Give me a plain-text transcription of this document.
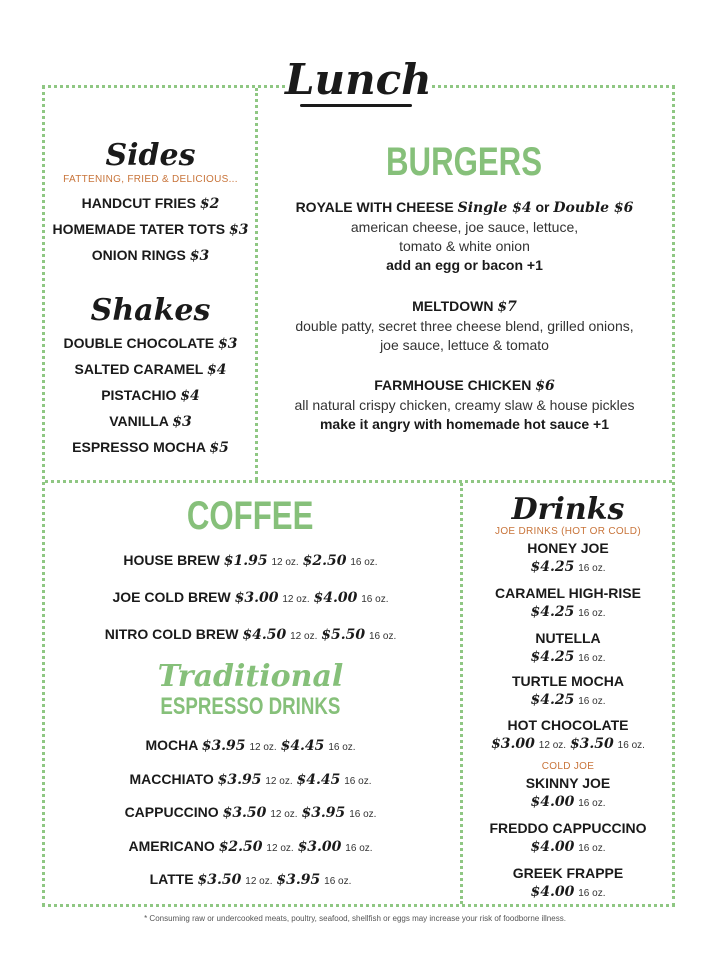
Lunch
Sides
FATTENING, FRIED & DELICIOUS...
HANDCUT FRIES $2
HOMEMADE TATER TOTS $3
ONION RINGS $3
Shakes
DOUBLE CHOCOLATE $3
SALTED CARAMEL $4
PISTACHIO $4
VANILLA $3
ESPRESSO MOCHA $5
BURGERS
ROYALE WITH CHEESE Single $4 or Double $6
american cheese, joe sauce, lettuce,
tomato & white onion
add an egg or bacon +1
MELTDOWN $7
double patty, secret three cheese blend, grilled onions,
joe sauce, lettuce & tomato
FARMHOUSE CHICKEN $6
all natural crispy chicken, creamy slaw & house pickles
make it angry with homemade hot sauce +1
COFFEE
HOUSE BREW $1.95 12 oz. $2.50 16 oz.
JOE COLD BREW $3.00 12 oz. $4.00 16 oz.
NITRO COLD BREW $4.50 12 oz. $5.50 16 oz.
Traditional
ESPRESSO DRINKS
MOCHA $3.95 12 oz. $4.45 16 oz.
MACCHIATO $3.95 12 oz. $4.45 16 oz.
CAPPUCCINO $3.50 12 oz. $3.95 16 oz.
AMERICANO $2.50 12 oz. $3.00 16 oz.
LATTE $3.50 12 oz. $3.95 16 oz.
Drinks
JOE DRINKS (HOT OR COLD)
HONEY JOE
$4.25 16 oz.
CARAMEL HIGH-RISE
$4.25 16 oz.
NUTELLA
$4.25 16 oz.
TURTLE MOCHA
$4.25 16 oz.
HOT CHOCOLATE
$3.00 12 oz. $3.50 16 oz.
COLD JOE
SKINNY JOE
$4.00 16 oz.
FREDDO CAPPUCCINO
$4.00 16 oz.
GREEK FRAPPE
$4.00 16 oz.
* Consuming raw or undercooked meats, poultry, seafood, shellfish or eggs may increase your risk of foodborne illness.
